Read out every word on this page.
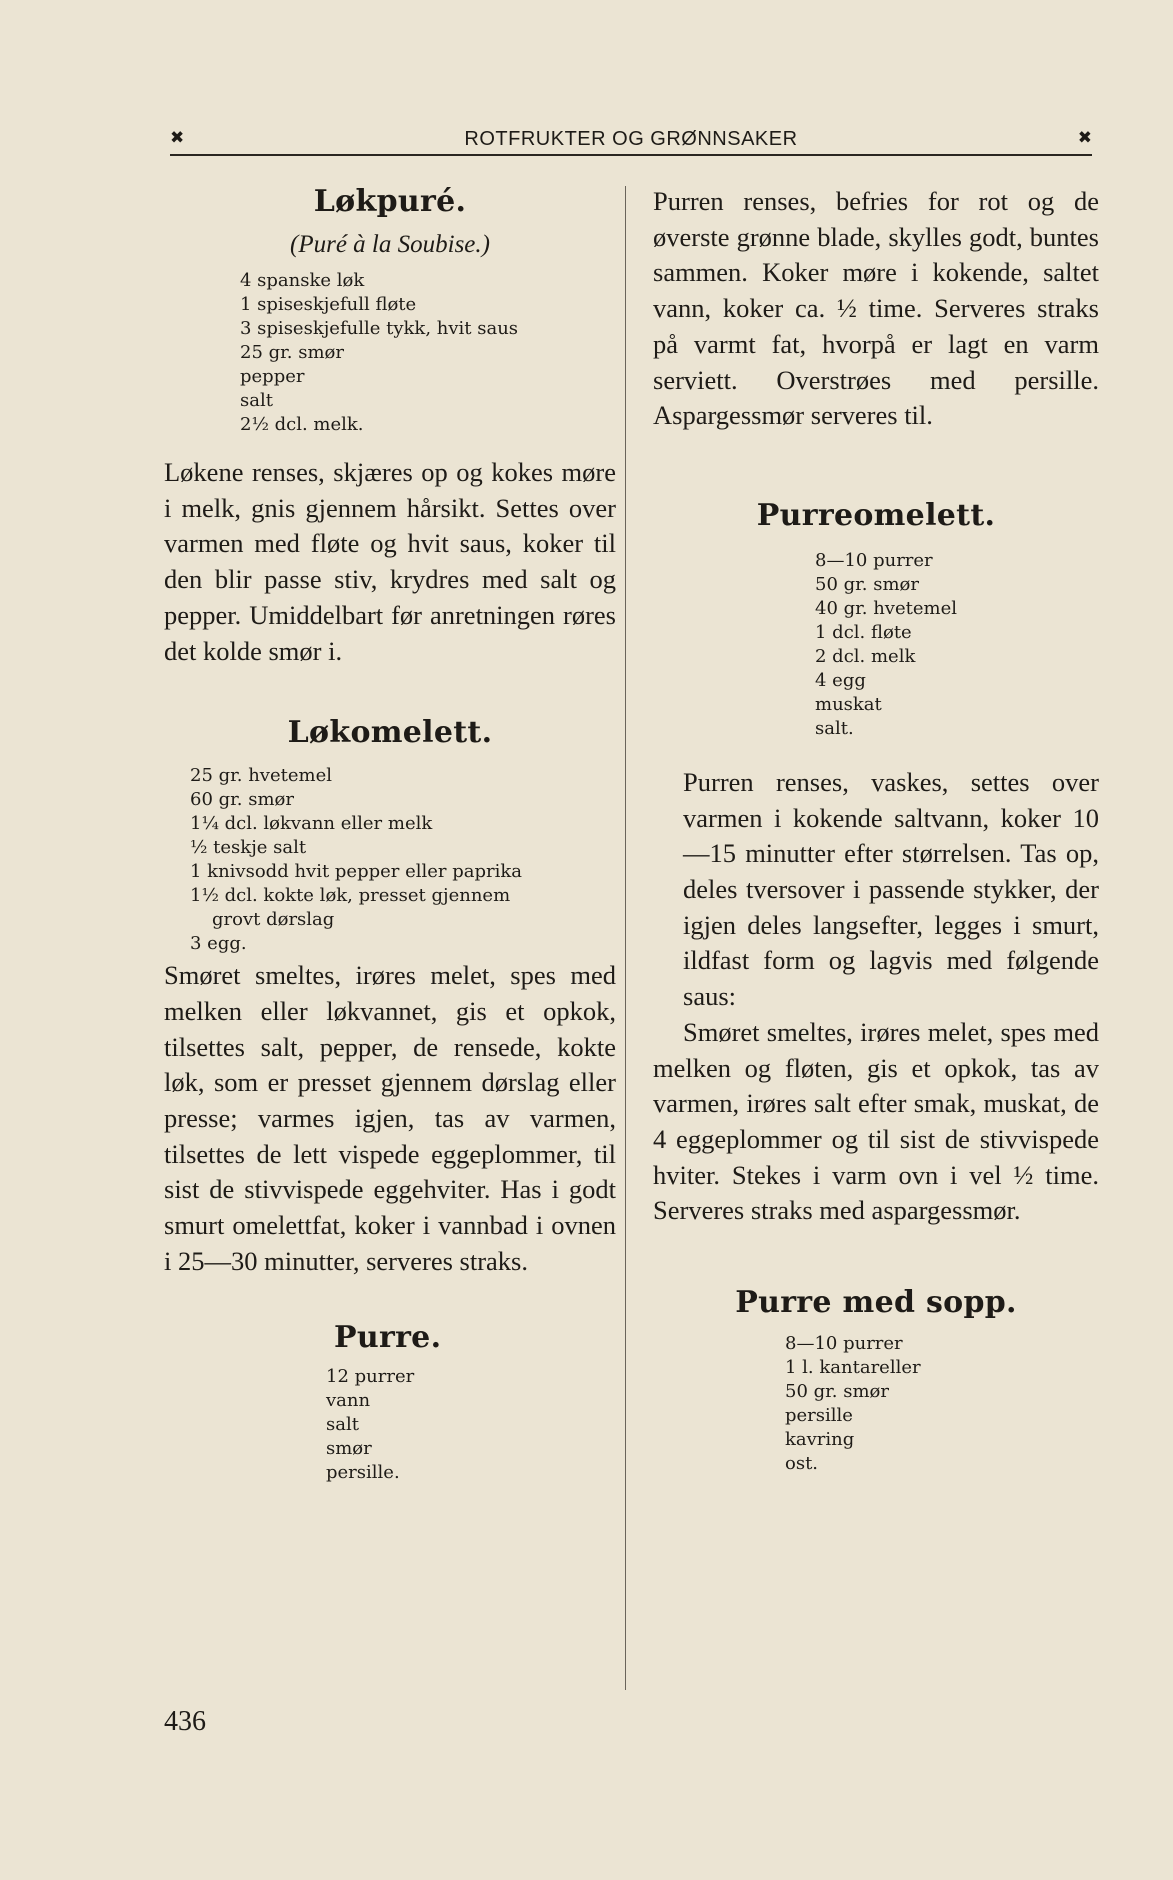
✖	ROTFRUKTER OG GRØNNSAKER	✖
Løkpuré.
(Puré à la Soubise.)
4 spanske løk
1 spiseskjefull fløte
3 spiseskjefulle tykk, hvit saus
25 gr. smør
pepper
salt
2½ dcl. melk.

Løkene renses, skjæres op og kokes møre i melk, gnis gjennem hårsikt. Settes over varmen med fløte og hvit saus, koker til den blir passe stiv, krydres med salt og pepper. Umiddelbart før anretningen røres det kolde smør i.

Løkomelett.
25 gr. hvetemel
60 gr. smør
1¼ dcl. løkvann eller melk
½ teskje salt
1 knivsodd hvit pepper eller paprika
1½ dcl. kokte løk, presset gjennem
grovt dørslag
3 egg.

Smøret smeltes, irøres melet, spes med melken eller løkvannet, gis et opkok, tilsettes salt, pepper, de rensede, kokte løk, som er presset gjennem dørslag eller presse; varmes igjen, tas av varmen, tilsettes de lett vispede eggeplommer, til sist de stivvispede eggehviter. Has i godt smurt omelettfat, koker i vannbad i ovnen i 25—30 minutter, serveres straks.

Purre.
12 purrer
vann
salt
smør
persille.

Purren renses, befries for rot og de øverste grønne blade, skylles godt, buntes sammen. Koker møre i kokende, saltet vann, koker ca. ½ time. Serveres straks på varmt fat, hvorpå er lagt en varm serviett. Overstrøes med persille. Aspargessmør serveres til.

Purreomelett.
8—10 purrer
50 gr. smør
40 gr. hvetemel
1 dcl. fløte
2 dcl. melk
4 egg
muskat
salt.

Purren renses, vaskes, settes over varmen i kokende saltvann, koker 10—15 minutter efter størrelsen. Tas op, deles tversover i passende stykker, der igjen deles langsefter, legges i smurt, ildfast form og lagvis med følgende saus:

Smøret smeltes, irøres melet, spes med melken og fløten, gis et opkok, tas av varmen, irøres salt efter smak, muskat, de 4 eggeplommer og til sist de stivvispede hviter. Stekes i varm ovn i vel ½ time. Serveres straks med aspargessmør.

Purre med sopp.
8—10 purrer
1 l. kantareller
50 gr. smør
persille
kavring
ost.
436
